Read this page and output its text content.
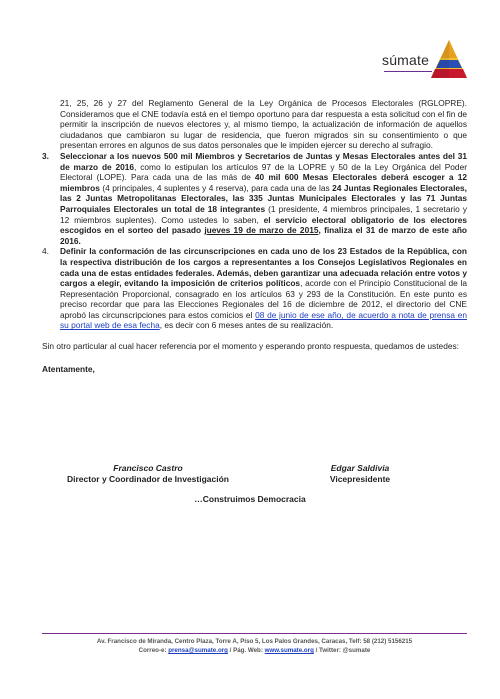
súmate

21, 25, 26 y 27 del Reglamento General de la Ley Orgánica de Procesos Electorales (RGLOPRE). Consideramos que el CNE todavía está en el tiempo oportuno para dar respuesta a esta solicitud con el fin de permitir la inscripción de nuevos electores y, al mismo tiempo, la actualización de información de aquellos ciudadanos que cambiaron su lugar de residencia, que fueron migrados sin su consentimiento o que presentan errores en algunos de sus datos personales que le impiden ejercer su derecho al sufragio.

3. Seleccionar a los nuevos 500 mil Miembros y Secretarios de Juntas y Mesas Electorales antes del 31 de marzo de 2016, como lo estipulan los artículos 97 de la LOPRE y 50 de la Ley Orgánica del Poder Electoral (LOPE). Para cada una de las más de 40 mil 600 Mesas Electorales deberá escoger a 12 miembros (4 principales, 4 suplentes y 4 reserva), para cada una de las 24 Juntas Regionales Electorales, las 2 Juntas Metropolitanas Electorales, las 335 Juntas Municipales Electorales y las 71 Juntas Parroquiales Electorales un total de 18 integrantes (1 presidente, 4 miembros principales, 1 secretario y 12 miembros suplentes). Como ustedes lo saben, el servicio electoral obligatorio de los electores escogidos en el sorteo del pasado jueves 19 de marzo de 2015, finaliza el 31 de marzo de este año 2016.

4. Definir la conformación de las circunscripciones en cada uno de los 23 Estados de la República, con la respectiva distribución de los cargos a representantes a los Consejos Legislativos Regionales en cada una de estas entidades federales. Además, deben garantizar una adecuada relación entre votos y cargos a elegir, evitando la imposición de criterios políticos, acorde con el Principio Constitucional de la Representación Proporcional, consagrado en los artículos 63 y 293 de la Constitución. En este punto es preciso recordar que para las Elecciones Regionales del 16 de diciembre de 2012, el directorio del CNE aprobó las circunscripciones para estos comicios el 08 de junio de ese año, de acuerdo a nota de prensa en su portal web de esa fecha, es decir con 6 meses antes de su realización.

Sin otro particular al cual hacer referencia por el momento y esperando pronto respuesta, quedamos de ustedes:

Atentamente,

Francisco Castro
Director y Coordinador de Investigación
Edgar Saldivia
Vicepresidente
…Construimos Democracia
Av. Francisco de Miranda, Centro Plaza, Torre A, Piso 5, Los Palos Grandes, Caracas, Telf: 58 (212) 5156215
Correo-e: prensa@sumate.org / Pág. Web: www.sumate.org / Twitter: @sumate
